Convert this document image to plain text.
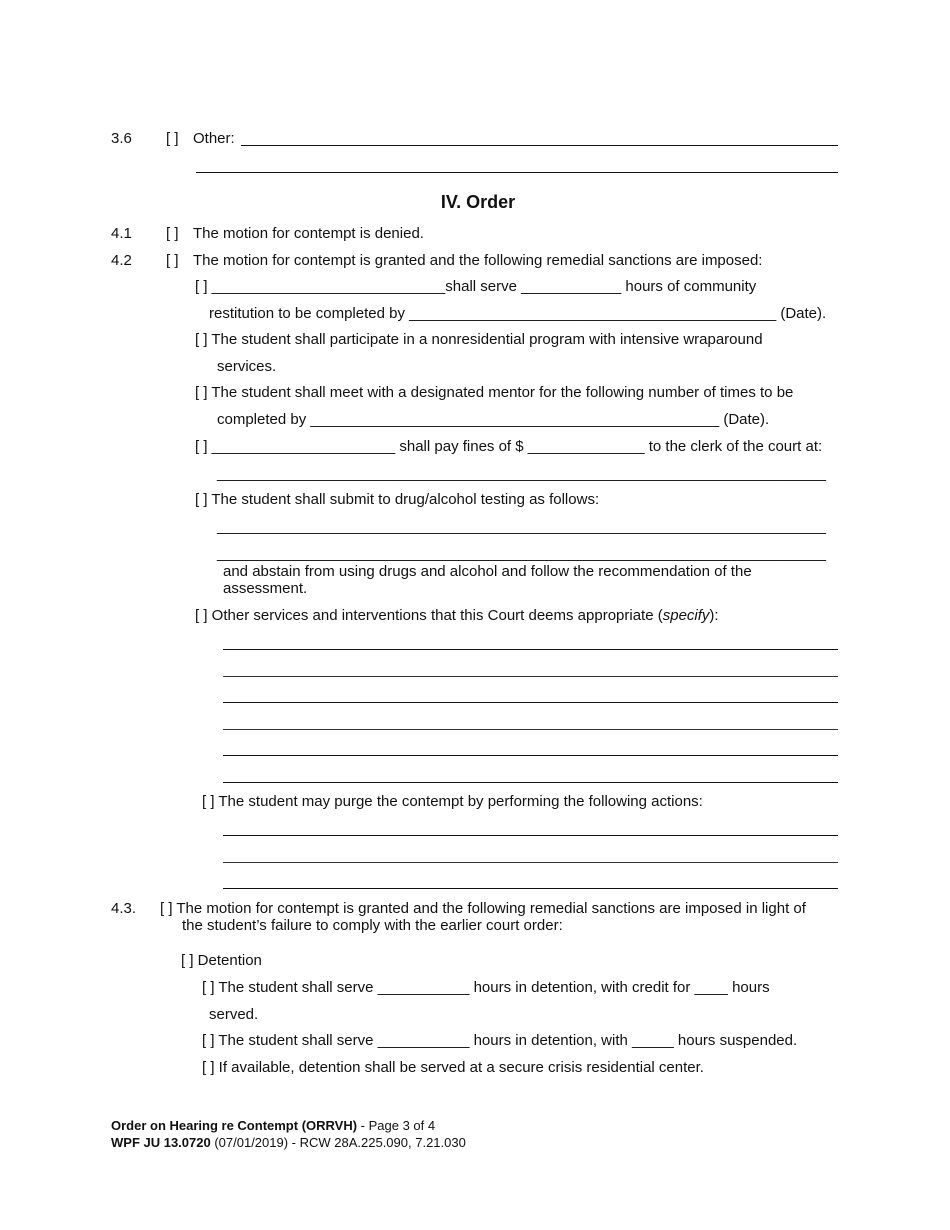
3.6 [ ] Other:
IV. Order
4.1 [ ] The motion for contempt is denied.
4.2 [ ] The motion for contempt is granted and the following remedial sanctions are imposed:
[ ] ____________________________shall serve ____________ hours of community
restitution to be completed by ____________________________________________ (Date).
[ ] The student shall participate in a nonresidential program with intensive wraparound
services.
[ ] The student shall meet with a designated mentor for the following number of times to be
completed by _________________________________________________ (Date).
[ ] ______________________ shall pay fines of $ ______________ to the clerk of the court at:
_________________________________________________________________________
[ ] The student shall submit to drug/alcohol testing as follows:
_________________________________________________________________________
_________________________________________________________________________
and abstain from using drugs and alcohol and follow the recommendation of the
assessment.
[ ] Other services and interventions that this Court deems appropriate (specify):
[ ] The student may purge the contempt by performing the following actions:
4.3. [ ] The motion for contempt is granted and the following remedial sanctions are imposed in light of
the student’s failure to comply with the earlier court order:
[ ] Detention
[ ] The student shall serve ___________ hours in detention, with credit for ____ hours
served.
[ ] The student shall serve ___________ hours in detention, with _____ hours suspended.
[ ] If available, detention shall be served at a secure crisis residential center.
Order on Hearing re Contempt (ORRVH) - Page 3 of 4
WPF JU 13.0720 (07/01/2019) - RCW 28A.225.090, 7.21.030
